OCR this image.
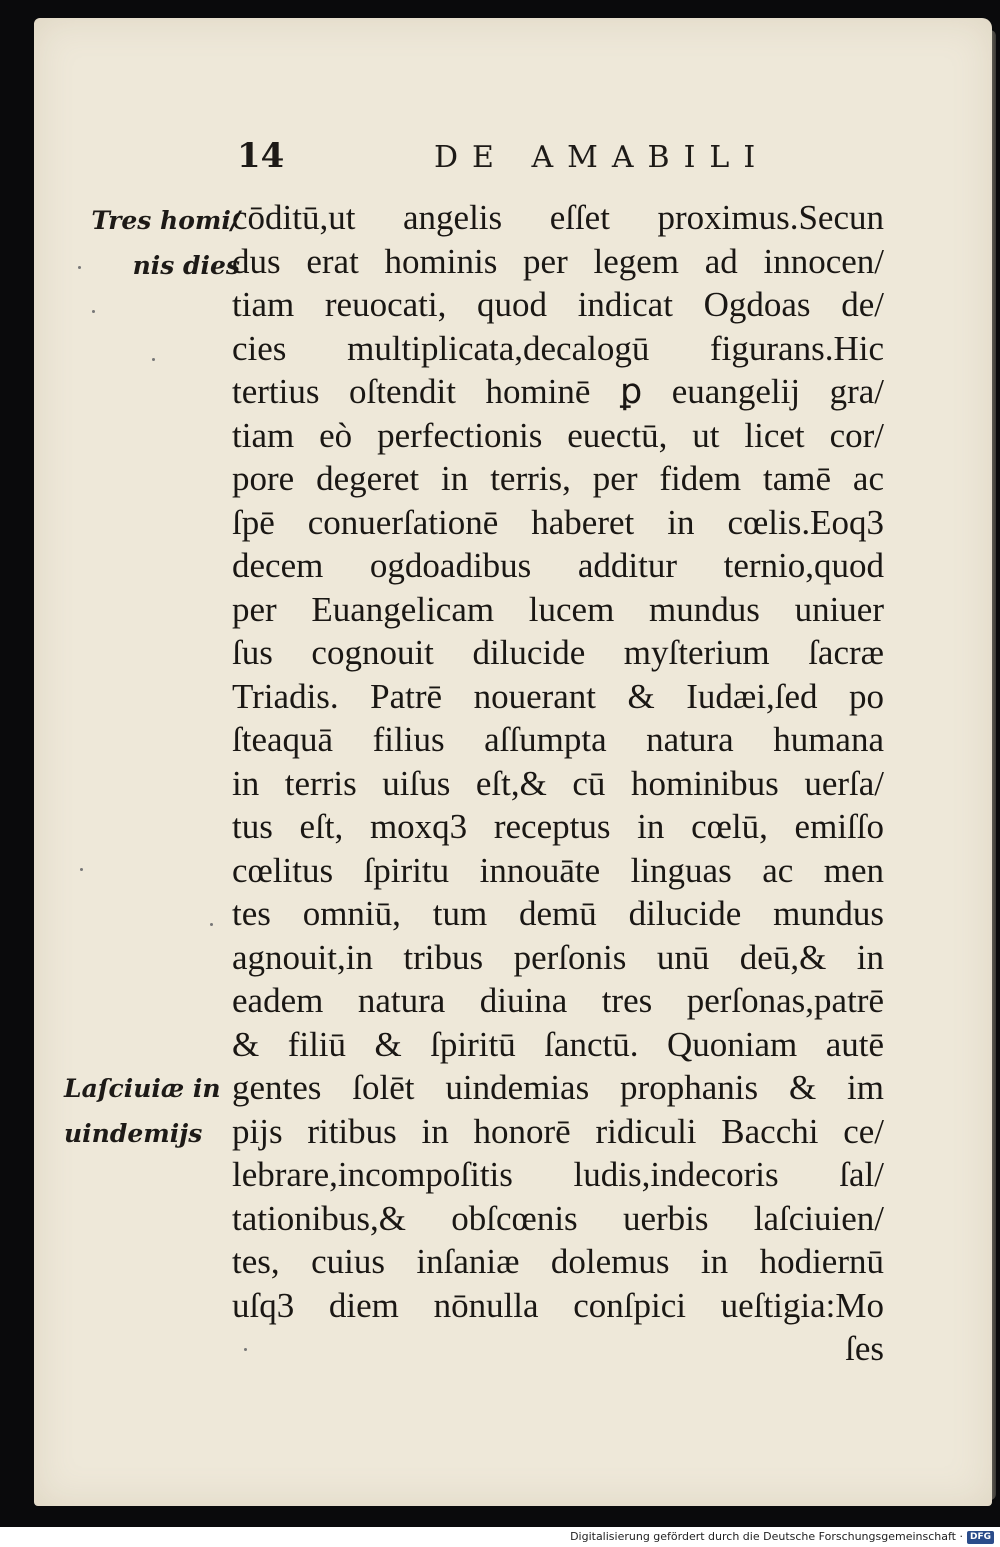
14	DE AMABILI
Tres homi/
nis dies
Laſciuiæ in
uindemijs
cōditū,ut angelis eſſet proximus.Secun
dus erat hominis per legem ad innocen/
tiam reuocati, quod indicat Ogdoas de/
cies multiplicata,decalogū figurans.Hic
tertius oſtendit hominē ꝑ euangelij gra/
tiam eò perfectionis euectū, ut licet cor/
pore degeret in terris, per fidem tamē ac
ſpē conuerſationē haberet in cœlis.Eoq3
decem ogdoadibus additur ternio,quod
per Euangelicam lucem mundus uniuer
ſus cognouit dilucide myſterium ſacræ
Triadis. Patrē nouerant & Iudæi,ſed po
ſteaquā filius aſſumpta natura humana
in terris uiſus eſt,& cū hominibus uerſa/
tus eſt, moxq3 receptus in cœlū, emiſſo
cœlitus ſpiritu innouāte linguas ac men
tes omniū, tum demū dilucide mundus
agnouit,in tribus perſonis unū deū,& in
eadem natura diuina tres perſonas,patrē
& filiū & ſpiritū ſanctū. Quoniam autē
gentes ſolēt uindemias prophanis & im
pijs ritibus in honorē ridiculi Bacchi ce/
lebrare,incompoſitis ludis,indecoris ſal/
tationibus,& obſcœnis uerbis laſciuien/
tes, cuius inſaniæ dolemus in hodiernū
uſq3 diem nōnulla conſpici ueſtigia:Mo
ſes
Digitalisierung gefördert durch die Deutsche Forschungsgemeinschaft · DFG
